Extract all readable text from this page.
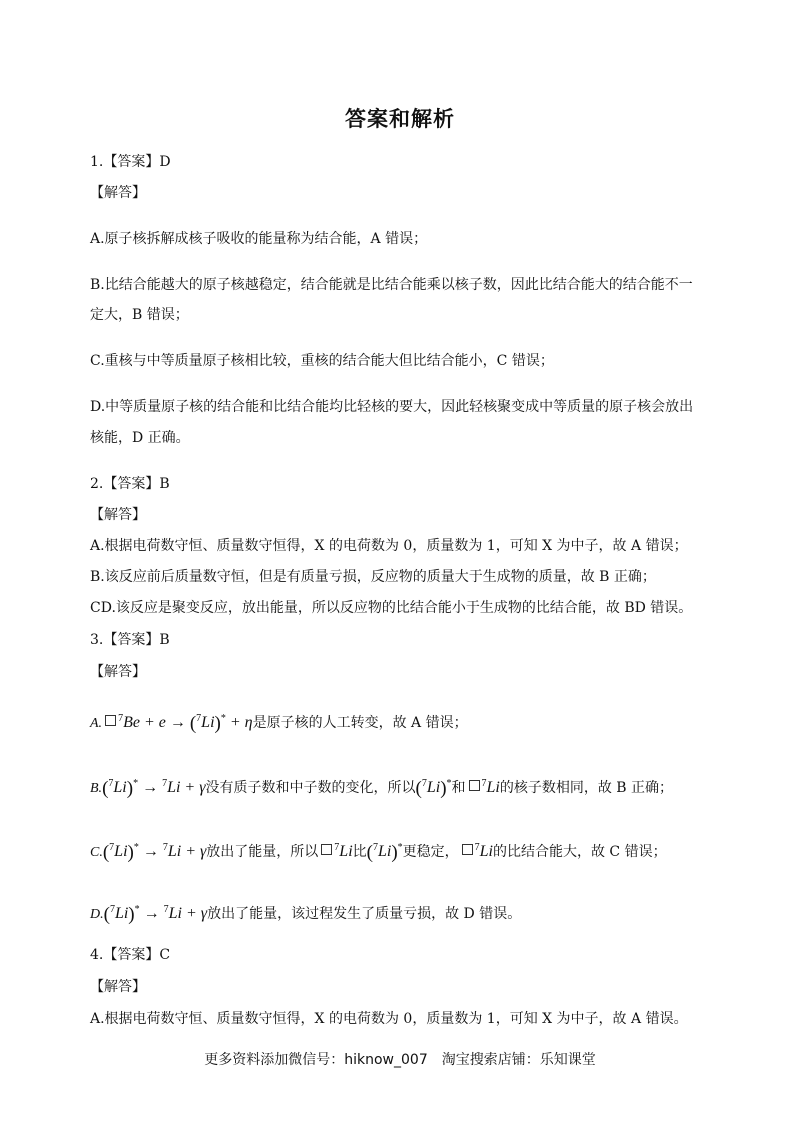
答案和解析
1.【答案】D
【解答】
A.原子核拆解成核子吸收的能量称为结合能，A 错误；
B.比结合能越大的原子核越稳定，结合能就是比结合能乘以核子数，因此比结合能大的结合能不一
定大，B 错误；
C.重核与中等质量原子核相比较，重核的结合能大但比结合能小，C 错误；
D.中等质量原子核的结合能和比结合能均比轻核的要大，因此轻核聚变成中等质量的原子核会放出
核能，D 正确。
2.【答案】B
【解答】
A.根据电荷数守恒、质量数守恒得，X 的电荷数为 0，质量数为 1，可知 X 为中子，故 A 错误；
B.该反应前后质量数守恒，但是有质量亏损，反应物的质量大于生成物的质量，故 B 正确；
CD.该反应是聚变反应，放出能量，所以反应物的比结合能小于生成物的比结合能，故 BD 错误。
3.【答案】B
【解答】
A. $^7$Be + e → ($^7$Li)* + η是原子核的人工转变，故 A 错误；
B.($^7$Li)* → $^7$Li + γ没有质子数和中子数的变化，所以($^7$Li)*和 $^7$Li的核子数相同，故 B 正确；
C.($^7$Li)* → $^7$Li + γ放出了能量，所以 $^7$Li比($^7$Li)*更稳定， $^7$Li的比结合能大，故 C 错误；
D.($^7$Li)* → $^7$Li + γ放出了能量，该过程发生了质量亏损，故 D 错误。
4.【答案】C
【解答】
A.根据电荷数守恒、质量数守恒得，X 的电荷数为 0，质量数为 1，可知 X 为中子，故 A 错误。
更多资料添加微信号：hiknow_007　淘宝搜索店铺：乐知课堂
